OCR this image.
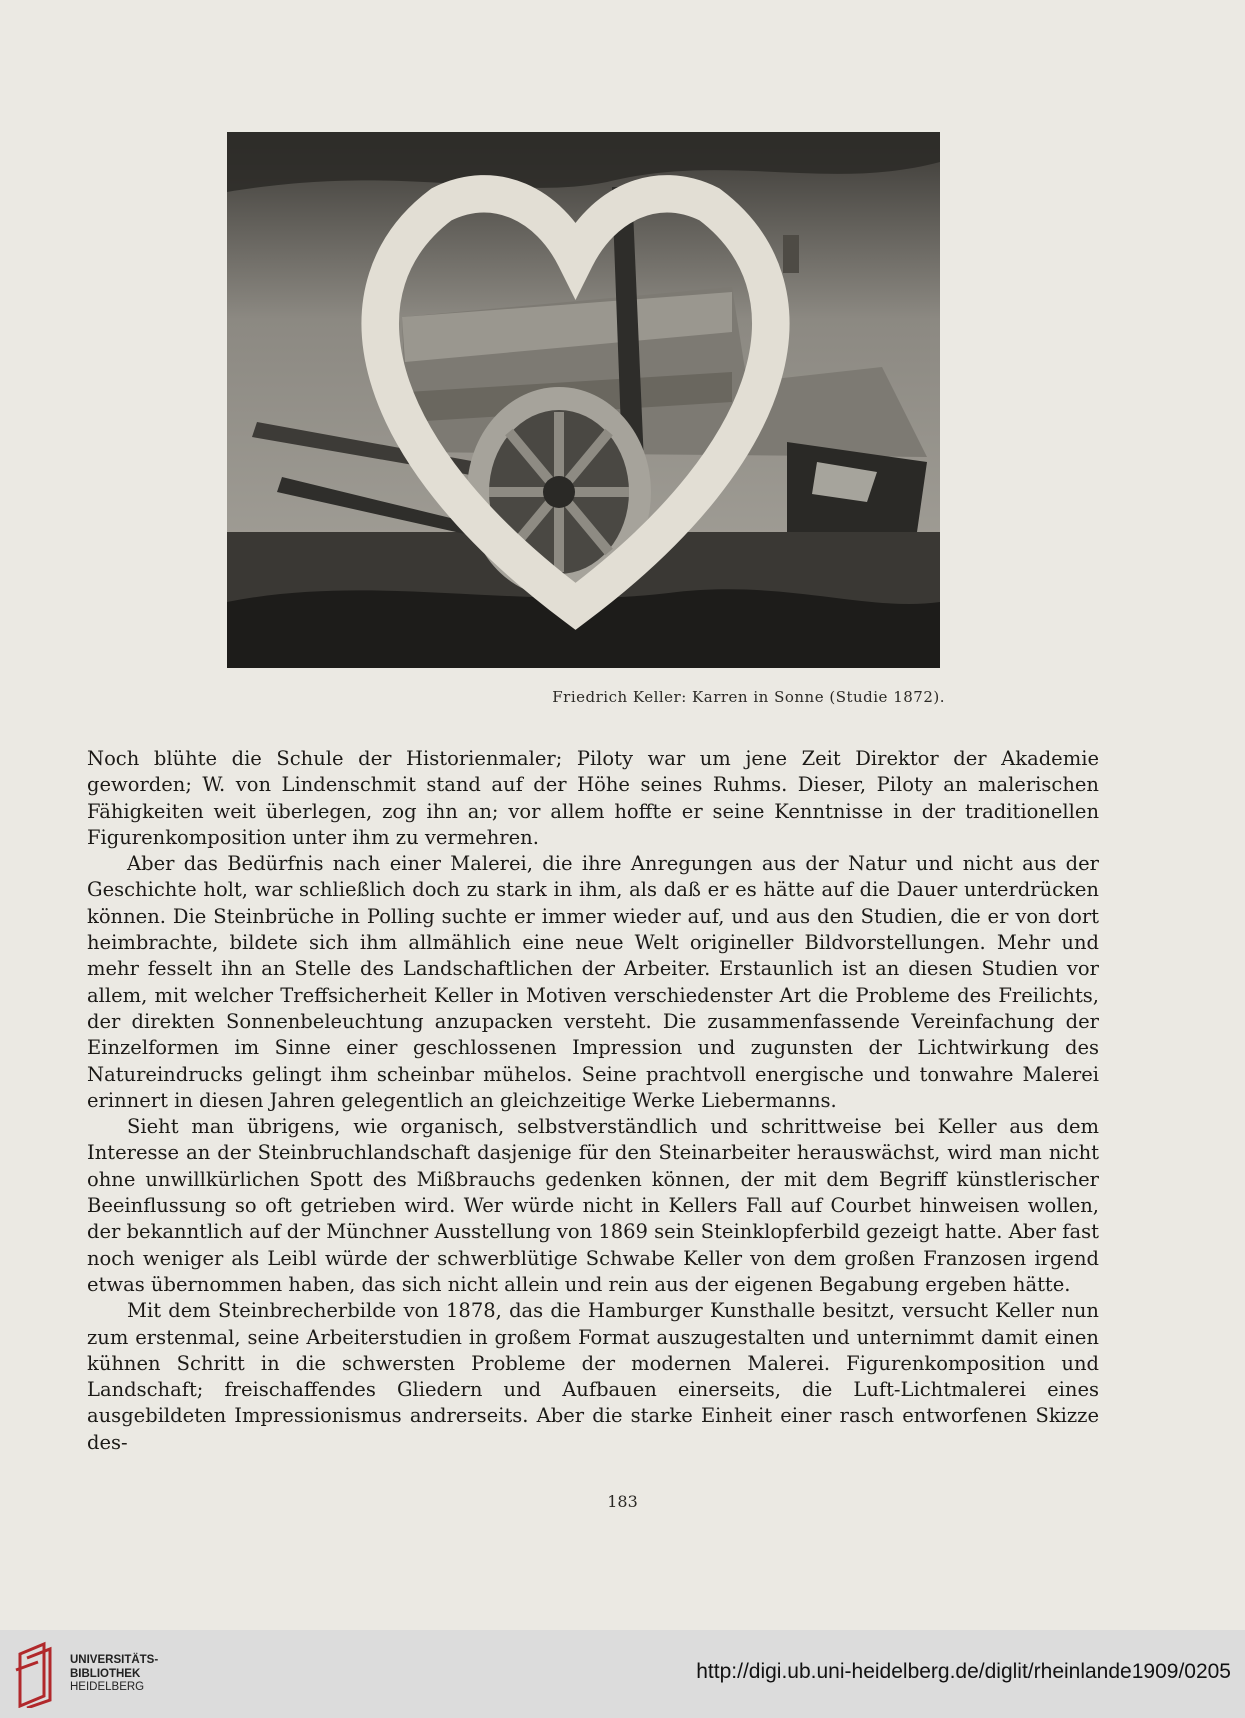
Friedrich Keller: Karren in Sonne (Studie 1872).

Noch blühte die Schule der Historienmaler; Piloty war um jene Zeit Direktor der Akademie geworden; W. von Lindenschmit stand auf der Höhe seines Ruhms. Dieser, Piloty an malerischen Fähigkeiten weit überlegen, zog ihn an; vor allem hoffte er seine Kenntnisse in der traditionellen Figurenkomposition unter ihm zu vermehren.

Aber das Bedürfnis nach einer Malerei, die ihre Anregungen aus der Natur und nicht aus der Geschichte holt, war schließlich doch zu stark in ihm, als daß er es hätte auf die Dauer unterdrücken können. Die Steinbrüche in Polling suchte er immer wieder auf, und aus den Studien, die er von dort heimbrachte, bildete sich ihm allmählich eine neue Welt origineller Bildvorstellungen. Mehr und mehr fesselt ihn an Stelle des Landschaftlichen der Arbeiter. Erstaunlich ist an diesen Studien vor allem, mit welcher Treffsicherheit Keller in Motiven verschiedenster Art die Probleme des Freilichts, der direkten Sonnenbeleuchtung anzupacken versteht. Die zusammenfassende Vereinfachung der Einzelformen im Sinne einer geschlossenen Impression und zugunsten der Lichtwirkung des Natureindrucks gelingt ihm scheinbar mühelos. Seine prachtvoll energische und tonwahre Malerei erinnert in diesen Jahren gelegentlich an gleichzeitige Werke Liebermanns.

Sieht man übrigens, wie organisch, selbstverständlich und schrittweise bei Keller aus dem Interesse an der Steinbruchlandschaft dasjenige für den Steinarbeiter herauswächst, wird man nicht ohne unwillkürlichen Spott des Mißbrauchs gedenken können, der mit dem Begriff künstlerischer Beeinflussung so oft getrieben wird. Wer würde nicht in Kellers Fall auf Courbet hinweisen wollen, der bekanntlich auf der Münchner Ausstellung von 1869 sein Steinklopferbild gezeigt hatte. Aber fast noch weniger als Leibl würde der schwerblütige Schwabe Keller von dem großen Franzosen irgend etwas übernommen haben, das sich nicht allein und rein aus der eigenen Begabung ergeben hätte.

Mit dem Steinbrecherbilde von 1878, das die Hamburger Kunsthalle besitzt, versucht Keller nun zum erstenmal, seine Arbeiterstudien in großem Format auszugestalten und unternimmt damit einen kühnen Schritt in die schwersten Probleme der modernen Malerei. Figurenkomposition und Landschaft; freischaffendes Gliedern und Aufbauen einerseits, die Luft-Lichtmalerei eines ausgebildeten Impressionismus andrerseits. Aber die starke Einheit einer rasch entworfenen Skizze des-

183
UNIVERSITÄTS-
BIBLIOTHEK
HEIDELBERG
http://digi.ub.uni-heidelberg.de/diglit/rheinlande1909/0205
